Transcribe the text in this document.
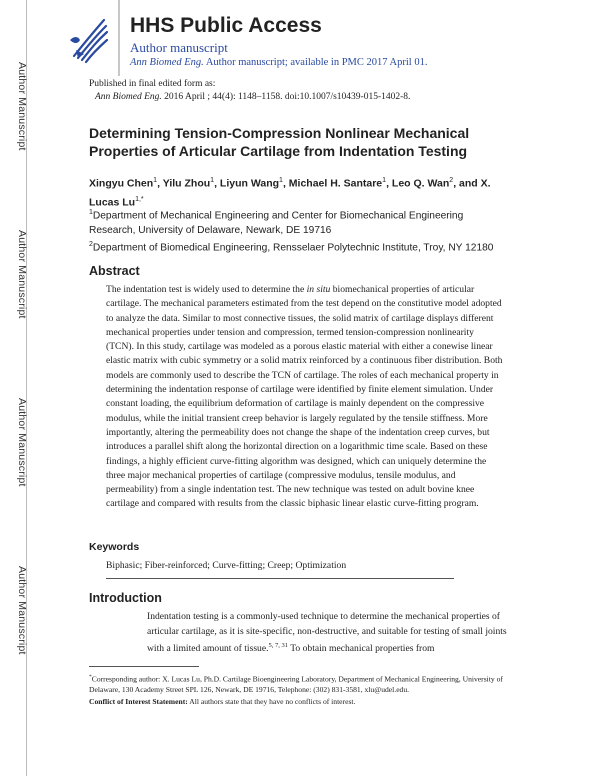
Author Manuscript
Author Manuscript
Author Manuscript
Author Manuscript
HHS Public Access
Author manuscript
Ann Biomed Eng. Author manuscript; available in PMC 2017 April 01.
Published in final edited form as:
Ann Biomed Eng. 2016 April ; 44(4): 1148–1158. doi:10.1007/s10439-015-1402-8.
Determining Tension-Compression Nonlinear Mechanical Properties of Articular Cartilage from Indentation Testing
Xingyu Chen$^1$, Yilu Zhou$^1$, Liyun Wang$^1$, Michael H. Santare$^1$, Leo Q. Wan$^2$, and X. Lucas $Lu^{1,*}$
$^1$Department of Mechanical Engineering and Center for Biomechanical Engineering Research, University of Delaware, Newark, DE 19716
$^2$Department of Biomedical Engineering, Rensselaer Polytechnic Institute, Troy, NY 12180
Abstract
The indentation test is widely used to determine the in situ biomechanical properties of articular cartilage. The mechanical parameters estimated from the test depend on the constitutive model adopted to analyze the data. Similar to most connective tissues, the solid matrix of cartilage displays different mechanical properties under tension and compression, termed tension-compression nonlinearity (TCN). In this study, cartilage was modeled as a porous elastic material with either a conewise linear elastic matrix with cubic symmetry or a solid matrix reinforced by a continuous fiber distribution. Both models are commonly used to describe the TCN of cartilage. The roles of each mechanical property in determining the indentation response of cartilage were identified by finite element simulation. Under constant loading, the equilibrium deformation of cartilage is mainly dependent on the compressive modulus, while the initial transient creep behavior is largely regulated by the tensile stiffness. More importantly, altering the permeability does not change the shape of the indentation creep curves, but introduces a parallel shift along the horizontal direction on a logarithmic time scale. Based on these findings, a highly efficient curve-fitting algorithm was designed, which can uniquely determine the three major mechanical properties of cartilage (compressive modulus, tensile modulus, and permeability) from a single indentation test. The new technique was tested on adult bovine knee cartilage and compared with results from the classic biphasic linear elastic curve-fitting program.
Keywords
Biphasic; Fiber-reinforced; Curve-fitting; Creep; Optimization
Introduction
Indentation testing is a commonly-used technique to determine the mechanical properties of articular cartilage, as it is site-specific, non-destructive, and suitable for testing of small joints with a limited amount of tissue.$^{5, 7, 31}$ To obtain mechanical properties from
*Corresponding author: X. Lucas Lu, Ph.D. Cartilage Bioengineering Laboratory, Department of Mechanical Engineering, University of Delaware, 130 Academy Street SPL 126, Newark, DE 19716, Telephone: (302) 831-3581, xlu@udel.edu.
Conflict of Interest Statement: All authors state that they have no conflicts of interest.
